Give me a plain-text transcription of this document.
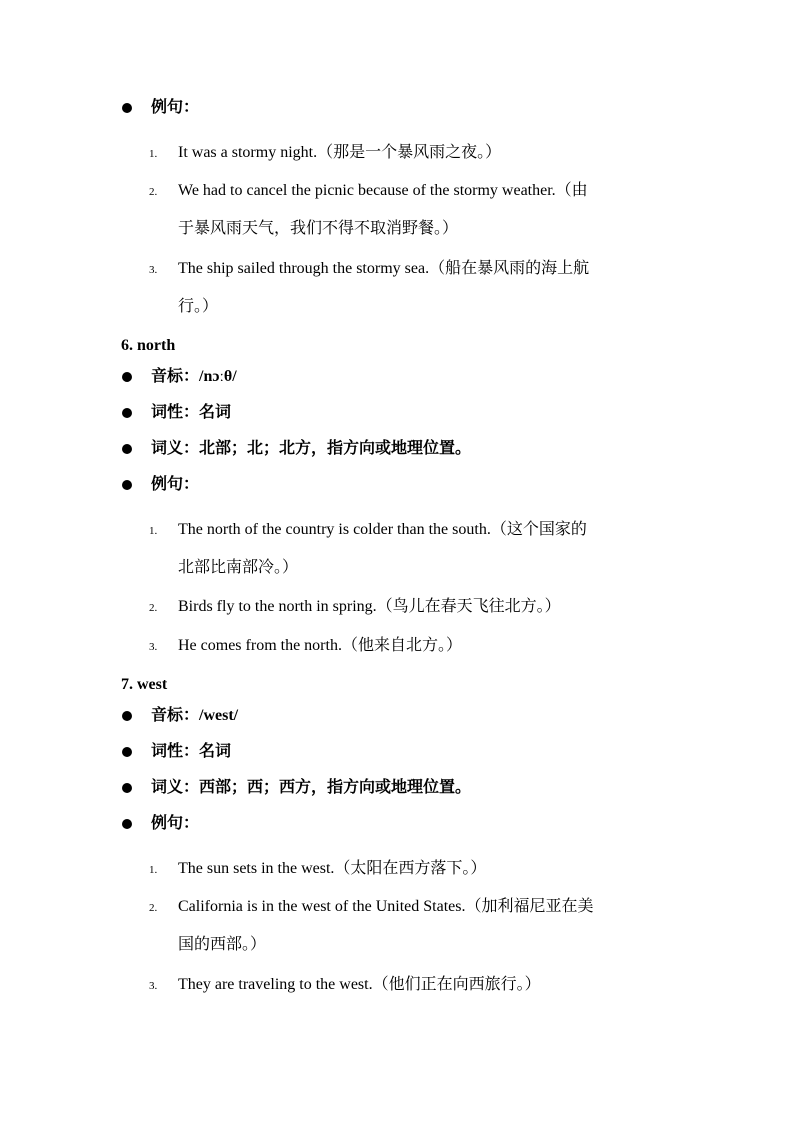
例句：
1. It was a stormy night.（那是一个暴风雨之夜。）
2. We had to cancel the picnic because of the stormy weather.（由
于暴风雨天气，我们不得不取消野餐。）
3. The ship sailed through the stormy sea.（船在暴风雨的海上航
行。）
6. north
音标：/nɔːθ/
词性：名词
词义：北部；北；北方，指方向或地理位置。
例句：
1. The north of the country is colder than the south.（这个国家的
北部比南部冷。）
2. Birds fly to the north in spring.（鸟儿在春天飞往北方。）
3. He comes from the north.（他来自北方。）
7. west
音标：/west/
词性：名词
词义：西部；西；西方，指方向或地理位置。
例句：
1. The sun sets in the west.（太阳在西方落下。）
2. California is in the west of the United States.（加利福尼亚在美
国的西部。）
3. They are traveling to the west.（他们正在向西旅行。）
